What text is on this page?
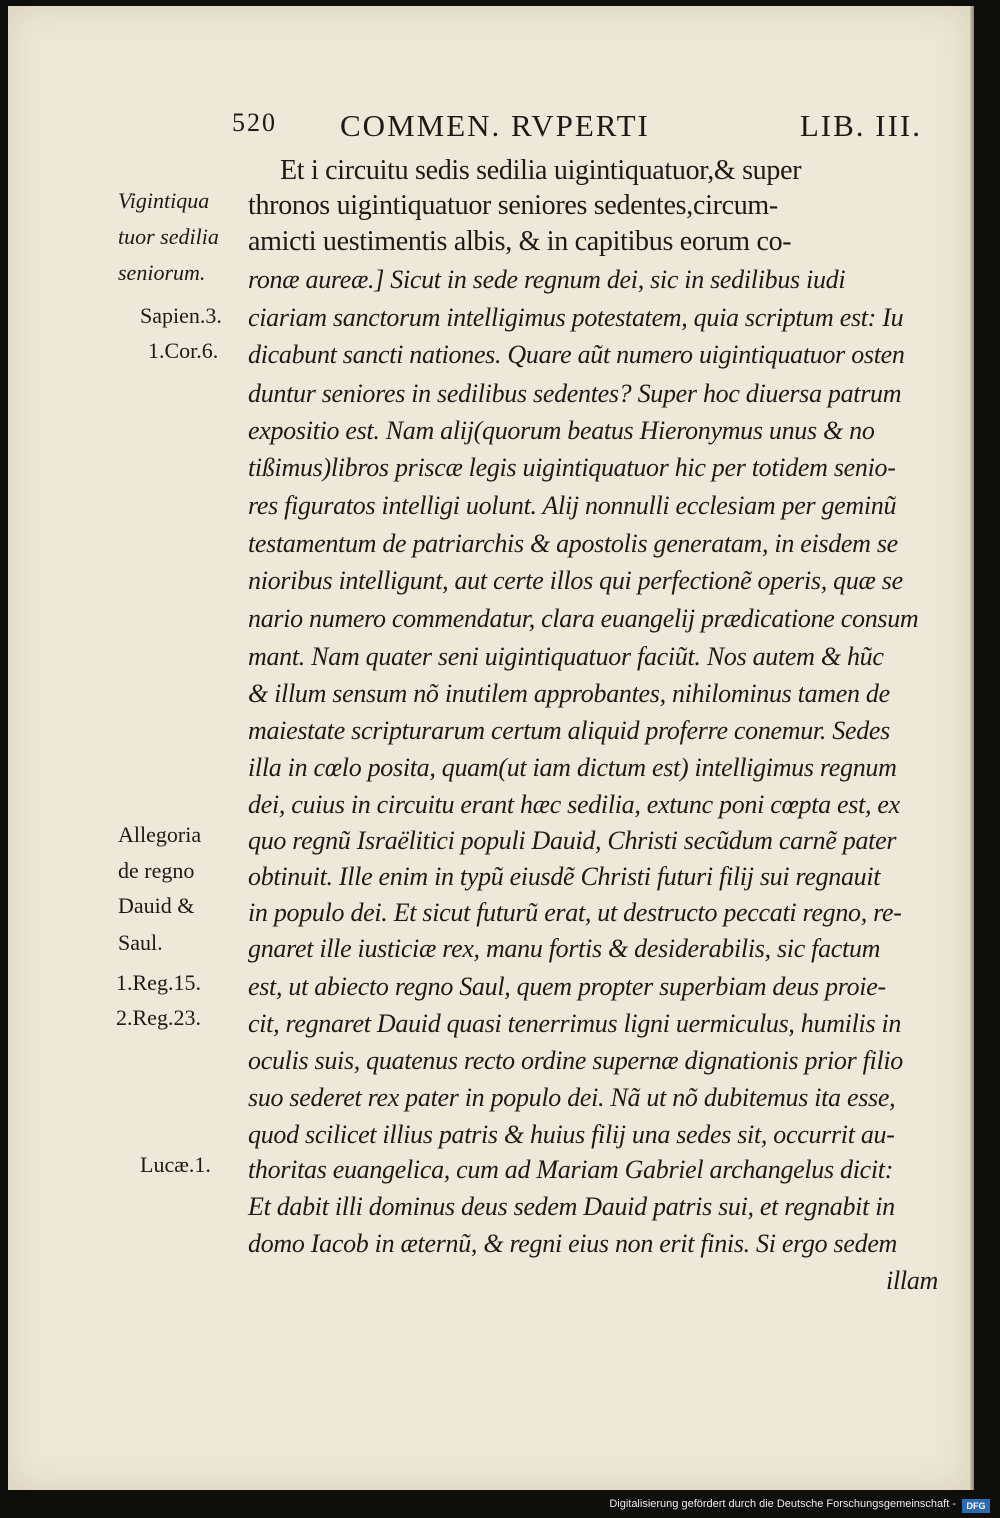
520 COMMEN. RVPERTI	LIB. III.
Vigintiqua
tuor sedilia
seniorum.
Sapien.3.
1.Cor.6.
Allegoria
de regno
Dauid &
Saul.
1.Reg.15.
2.Reg.23.
Lucæ.1.
Et i circuitu sedis sedilia uigintiquatuor,& super
thronos uigintiquatuor seniores sedentes,circum-
amicti uestimentis albis, & in capitibus eorum co-
ronæ aureæ.] Sicut in sede regnum dei, sic in sedilibus iudi
ciariam sanctorum intelligimus potestatem, quia scriptum est: Iu
dicabunt sancti nationes. Quare aũt numero uigintiquatuor osten
duntur seniores in sedilibus sedentes? Super hoc diuersa patrum
expositio est. Nam alij(quorum beatus Hieronymus unus & no
tißimus)libros priscæ legis uigintiquatuor hic per totidem senio-
res figuratos intelligi uolunt. Alij nonnulli ecclesiam per geminũ
testamentum de patriarchis & apostolis generatam, in eisdem se
nioribus intelligunt, aut certe illos qui perfectionẽ operis, quæ se
nario numero commendatur, clara euangelij prædicatione consum
mant. Nam quater seni uigintiquatuor faciũt. Nos autem & hũc
& illum sensum nõ inutilem approbantes, nihilominus tamen de
maiestate scripturarum certum aliquid proferre conemur. Sedes
illa in cœlo posita, quam(ut iam dictum est) intelligimus regnum
dei, cuius in circuitu erant hæc sedilia, extunc poni cœpta est, ex
quo regnũ Israëlitici populi Dauid, Christi secũdum carnẽ pater
obtinuit. Ille enim in typũ eiusdẽ Christi futuri filij sui regnauit
in populo dei. Et sicut futurũ erat, ut destructo peccati regno, re-
gnaret ille iusticiæ rex, manu fortis & desiderabilis, sic factum
est, ut abiecto regno Saul, quem propter superbiam deus proie-
cit, regnaret Dauid quasi tenerrimus ligni uermiculus, humilis in
oculis suis, quatenus recto ordine supernæ dignationis prior filio
suo sederet rex pater in populo dei. Nã ut nõ dubitemus ita esse,
quod scilicet illius patris & huius filij una sedes sit, occurrit au-
thoritas euangelica, cum ad Mariam Gabriel archangelus dicit:
Et dabit illi dominus deus sedem Dauid patris sui, et regnabit in
domo Iacob in æternũ, & regni eius non erit finis. Si ergo sedem
illam
Digitalisierung gefördert durch die Deutsche Forschungsgemeinschaft -	DFG
